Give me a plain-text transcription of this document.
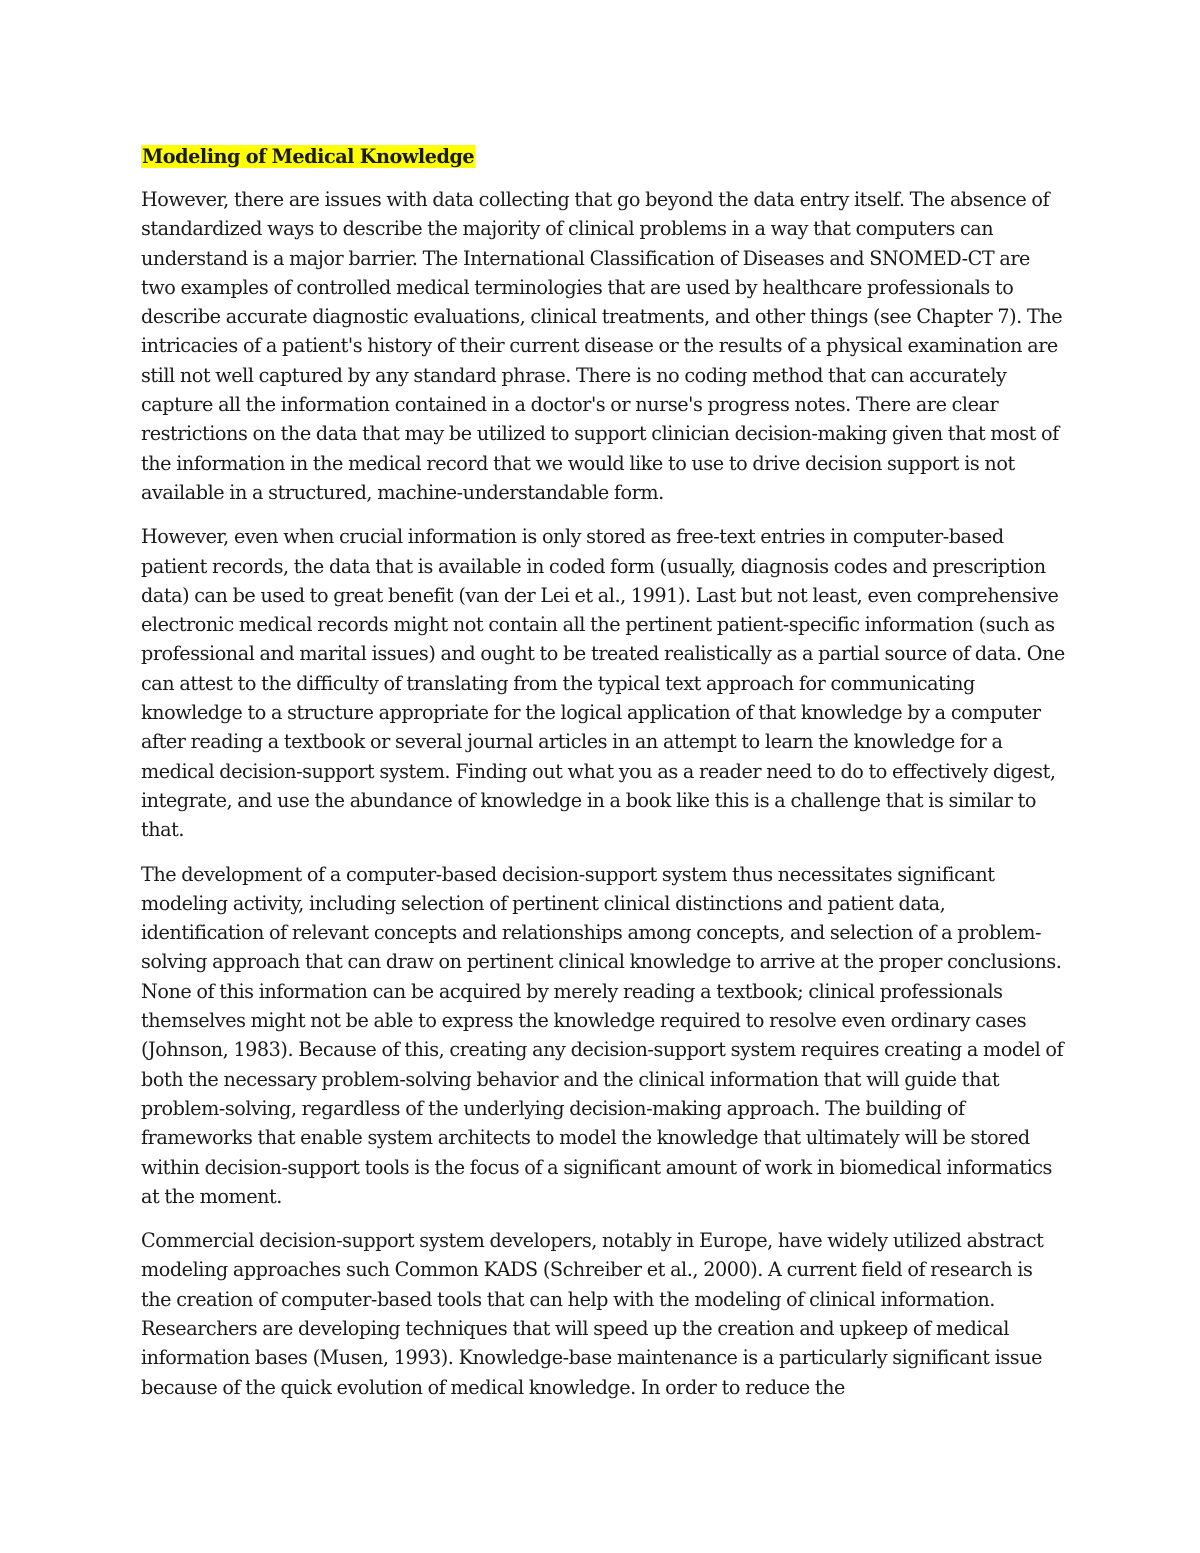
Modeling of Medical Knowledge

However, there are issues with data collecting that go beyond the data entry itself. The absence of standardized ways to describe the majority of clinical problems in a way that computers can understand is a major barrier. The International Classification of Diseases and SNOMED-CT are two examples of controlled medical terminologies that are used by healthcare professionals to describe accurate diagnostic evaluations, clinical treatments, and other things (see Chapter 7). The intricacies of a patient's history of their current disease or the results of a physical examination are still not well captured by any standard phrase. There is no coding method that can accurately capture all the information contained in a doctor's or nurse's progress notes. There are clear restrictions on the data that may be utilized to support clinician decision-making given that most of the information in the medical record that we would like to use to drive decision support is not available in a structured, machine-understandable form.

However, even when crucial information is only stored as free-text entries in computer-based patient records, the data that is available in coded form (usually, diagnosis codes and prescription data) can be used to great benefit (van der Lei et al., 1991). Last but not least, even comprehensive electronic medical records might not contain all the pertinent patient-specific information (such as professional and marital issues) and ought to be treated realistically as a partial source of data. One can attest to the difficulty of translating from the typical text approach for communicating knowledge to a structure appropriate for the logical application of that knowledge by a computer after reading a textbook or several journal articles in an attempt to learn the knowledge for a medical decision-support system. Finding out what you as a reader need to do to effectively digest, integrate, and use the abundance of knowledge in a book like this is a challenge that is similar to that.

The development of a computer-based decision-support system thus necessitates significant modeling activity, including selection of pertinent clinical distinctions and patient data, identification of relevant concepts and relationships among concepts, and selection of a problem-solving approach that can draw on pertinent clinical knowledge to arrive at the proper conclusions. None of this information can be acquired by merely reading a textbook; clinical professionals themselves might not be able to express the knowledge required to resolve even ordinary cases (Johnson, 1983). Because of this, creating any decision-support system requires creating a model of both the necessary problem-solving behavior and the clinical information that will guide that problem-solving, regardless of the underlying decision-making approach. The building of frameworks that enable system architects to model the knowledge that ultimately will be stored within decision-support tools is the focus of a significant amount of work in biomedical informatics at the moment.

Commercial decision-support system developers, notably in Europe, have widely utilized abstract modeling approaches such Common KADS (Schreiber et al., 2000). A current field of research is the creation of computer-based tools that can help with the modeling of clinical information. Researchers are developing techniques that will speed up the creation and upkeep of medical information bases (Musen, 1993). Knowledge-base maintenance is a particularly significant issue because of the quick evolution of medical knowledge. In order to reduce the
